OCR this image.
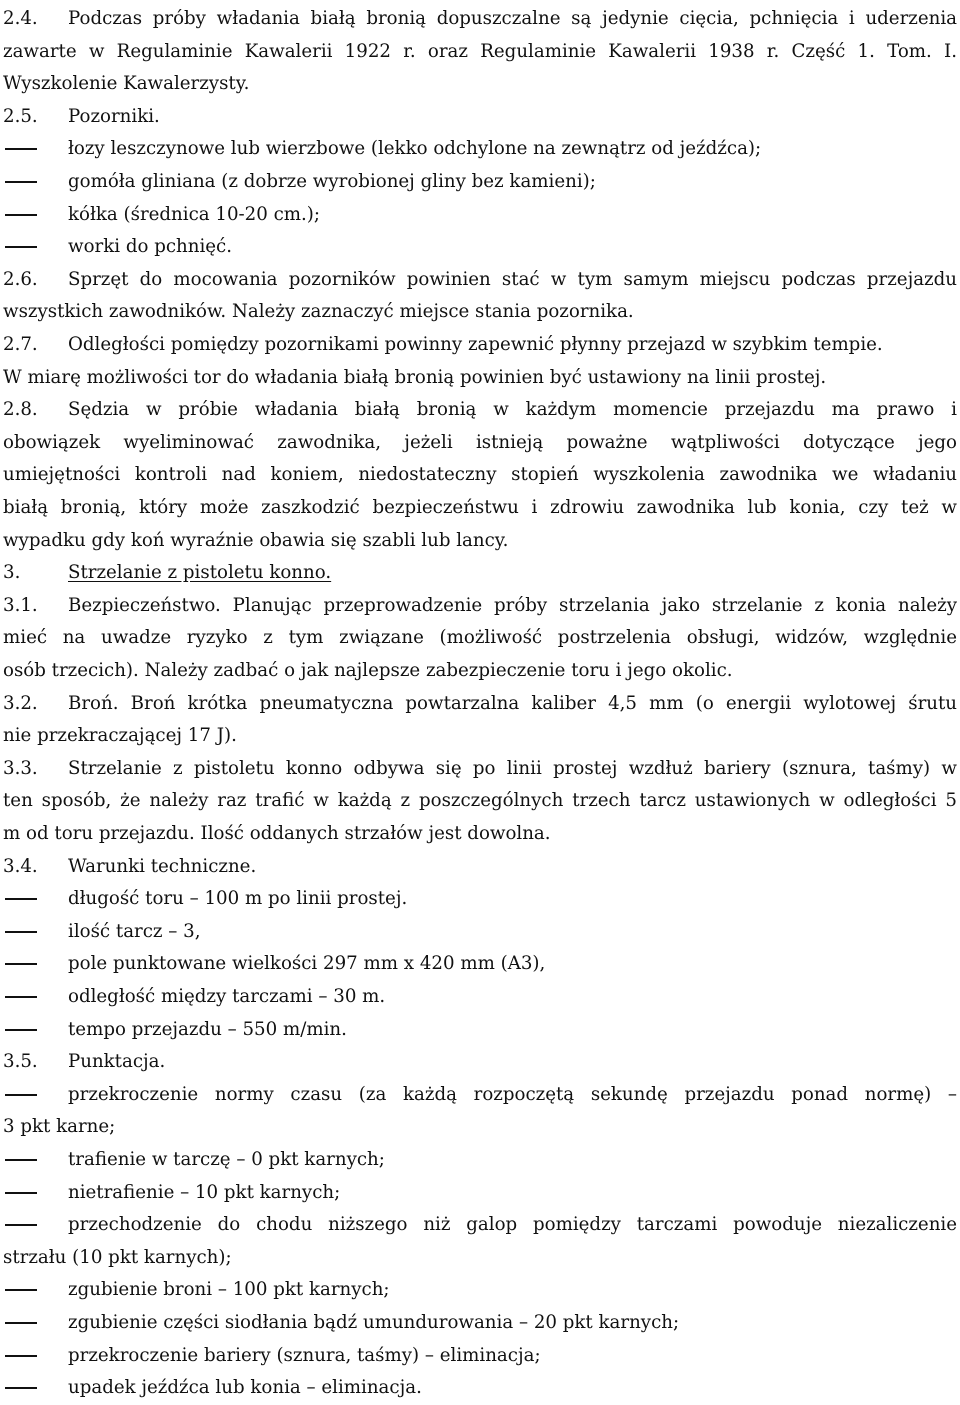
2.4. Podczas próby władania białą bronią dopuszczalne są jedynie cięcia, pchnięcia i uderzenia
zawarte w Regulaminie Kawalerii 1922 r. oraz Regulaminie Kawalerii 1938 r. Część 1. Tom. I.
Wyszkolenie Kawalerzysty.
2.5. Pozorniki.
łozy leszczynowe lub wierzbowe (lekko odchylone na zewnątrz od jeźdźca);
gomóła gliniana (z dobrze wyrobionej gliny bez kamieni);
kółka (średnica 10-20 cm.);
worki do pchnięć.
2.6. Sprzęt do mocowania pozorników powinien stać w tym samym miejscu podczas przejazdu
wszystkich zawodników. Należy zaznaczyć miejsce stania pozornika.
2.7. Odległości pomiędzy pozornikami powinny zapewnić płynny przejazd w szybkim tempie.
W miarę możliwości tor do władania białą bronią powinien być ustawiony na linii prostej.
2.8. Sędzia w próbie władania białą bronią w każdym momencie przejazdu ma prawo i
obowiązek wyeliminować zawodnika, jeżeli istnieją poważne wątpliwości dotyczące jego
umiejętności kontroli nad koniem, niedostateczny stopień wyszkolenia zawodnika we władaniu
białą bronią, który może zaszkodzić bezpieczeństwu i zdrowiu zawodnika lub konia, czy też w
wypadku gdy koń wyraźnie obawia się szabli lub lancy.
3.	Strzelanie z pistoletu konno.
3.1. Bezpieczeństwo. Planując przeprowadzenie próby strzelania jako strzelanie z konia należy
mieć na uwadze ryzyko z tym związane (możliwość postrzelenia obsługi, widzów, względnie
osób trzecich). Należy zadbać o jak najlepsze zabezpieczenie toru i jego okolic.
3.2. Broń. Broń krótka pneumatyczna powtarzalna kaliber 4,5 mm (o energii wylotowej śrutu
nie przekraczającej 17 J).
3.3. Strzelanie z pistoletu konno odbywa się po linii prostej wzdłuż bariery (sznura, taśmy) w
ten sposób, że należy raz trafić w każdą z poszczególnych trzech tarcz ustawionych w odległości 5
m od toru przejazdu. Ilość oddanych strzałów jest dowolna.
3.4. Warunki techniczne.
długość toru – 100 m po linii prostej.
ilość tarcz – 3,
pole punktowane wielkości 297 mm x 420 mm (A3),
odległość między tarczami – 30 m.
tempo przejazdu – 550 m/min.
3.5. Punktacja.
przekroczenie normy czasu (za każdą rozpoczętą sekundę przejazdu ponad normę) –
3 pkt karne;
trafienie w tarczę – 0 pkt karnych;
nietrafienie – 10 pkt karnych;
przechodzenie do chodu niższego niż galop pomiędzy tarczami powoduje niezaliczenie
strzału (10 pkt karnych);
zgubienie broni – 100 pkt karnych;
zgubienie części siodłania bądź umundurowania – 20 pkt karnych;
przekroczenie bariery (sznura, taśmy) – eliminacja;
upadek jeźdźca lub konia – eliminacja.
